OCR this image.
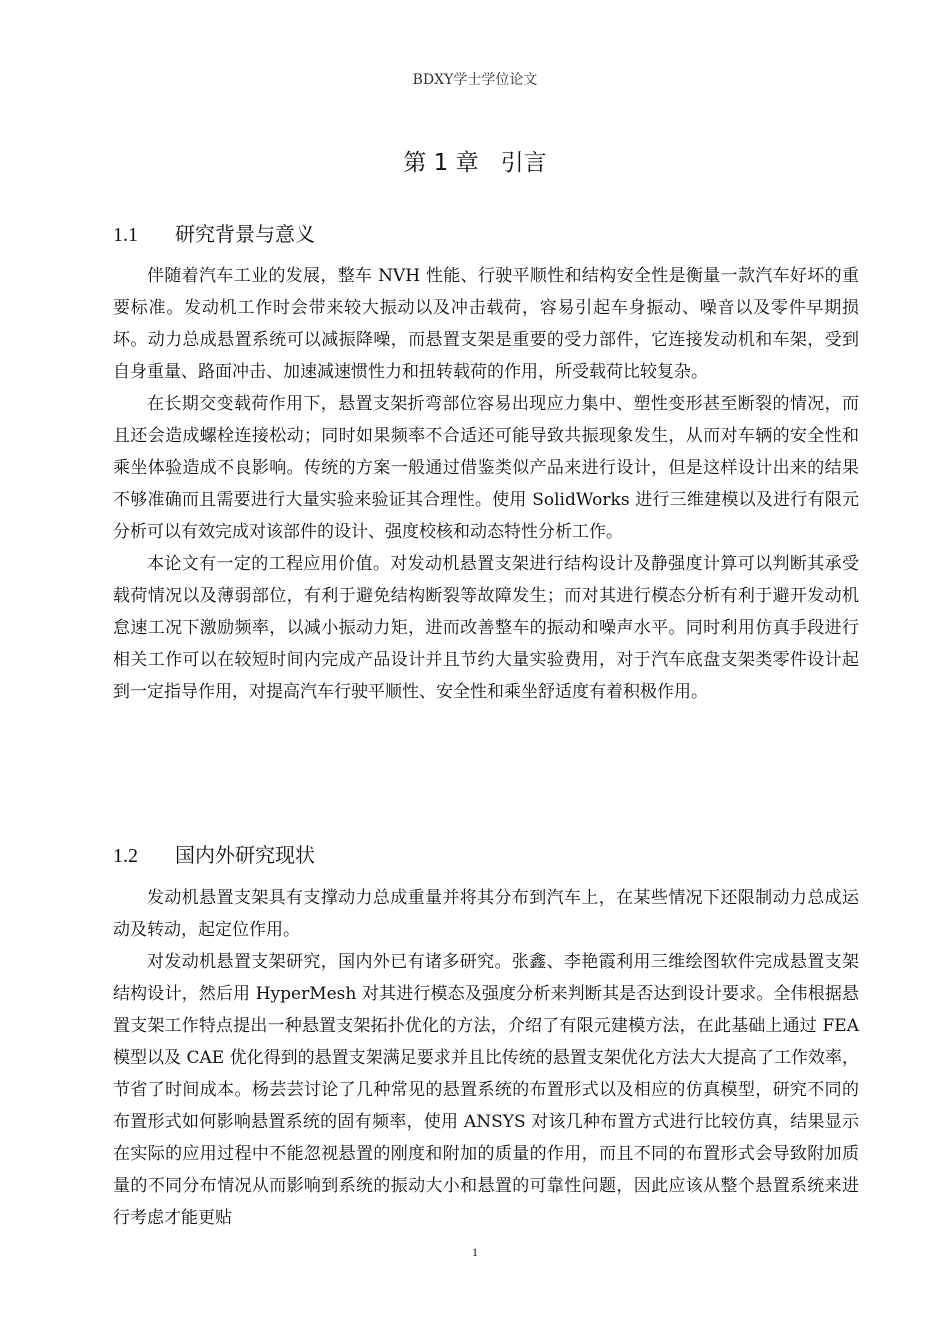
BDXY学士学位论文
第 1 章 引言
1.1 研究背景与意义

伴随着汽车工业的发展，整车 NVH 性能、行驶平顺性和结构安全性是衡量一款汽车好坏的重要标准。发动机工作时会带来较大振动以及冲击载荷，容易引起车身振动、噪音以及零件早期损坏。动力总成悬置系统可以减振降噪，而悬置支架是重要的受力部件，它连接发动机和车架，受到自身重量、路面冲击、加速减速惯性力和扭转载荷的作用，所受载荷比较复杂。

在长期交变载荷作用下，悬置支架折弯部位容易出现应力集中、塑性变形甚至断裂的情况，而且还会造成螺栓连接松动；同时如果频率不合适还可能导致共振现象发生，从而对车辆的安全性和乘坐体验造成不良影响。传统的方案一般通过借鉴类似产品来进行设计，但是这样设计出来的结果不够准确而且需要进行大量实验来验证其合理性。使用 SolidWorks 进行三维建模以及进行有限元分析可以有效完成对该部件的设计、强度校核和动态特性分析工作。

本论文有一定的工程应用价值。对发动机悬置支架进行结构设计及静强度计算可以判断其承受载荷情况以及薄弱部位，有利于避免结构断裂等故障发生；而对其进行模态分析有利于避开发动机怠速工况下激励频率，以减小振动力矩，进而改善整车的振动和噪声水平。同时利用仿真手段进行相关工作可以在较短时间内完成产品设计并且节约大量实验费用，对于汽车底盘支架类零件设计起到一定指导作用，对提高汽车行驶平顺性、安全性和乘坐舒适度有着积极作用。

1.2 国内外研究现状

发动机悬置支架具有支撑动力总成重量并将其分布到汽车上，在某些情况下还限制动力总成运动及转动，起定位作用。

对发动机悬置支架研究，国内外已有诸多研究。张鑫、李艳霞利用三维绘图软件完成悬置支架结构设计，然后用 HyperMesh 对其进行模态及强度分析来判断其是否达到设计要求。全伟根据悬置支架工作特点提出一种悬置支架拓扑优化的方法，介绍了有限元建模方法，在此基础上通过 FEA 模型以及 CAE 优化得到的悬置支架满足要求并且比传统的悬置支架优化方法大大提高了工作效率，节省了时间成本。杨芸芸讨论了几种常见的悬置系统的布置形式以及相应的仿真模型，研究不同的布置形式如何影响悬置系统的固有频率，使用 ANSYS 对该几种布置方式进行比较仿真，结果显示在实际的应用过程中不能忽视悬置的刚度和附加的质量的作用，而且不同的布置形式会导致附加质量的不同分布情况从而影响到系统的振动大小和悬置的可靠性问题，因此应该从整个悬置系统来进行考虑才能更贴

1
